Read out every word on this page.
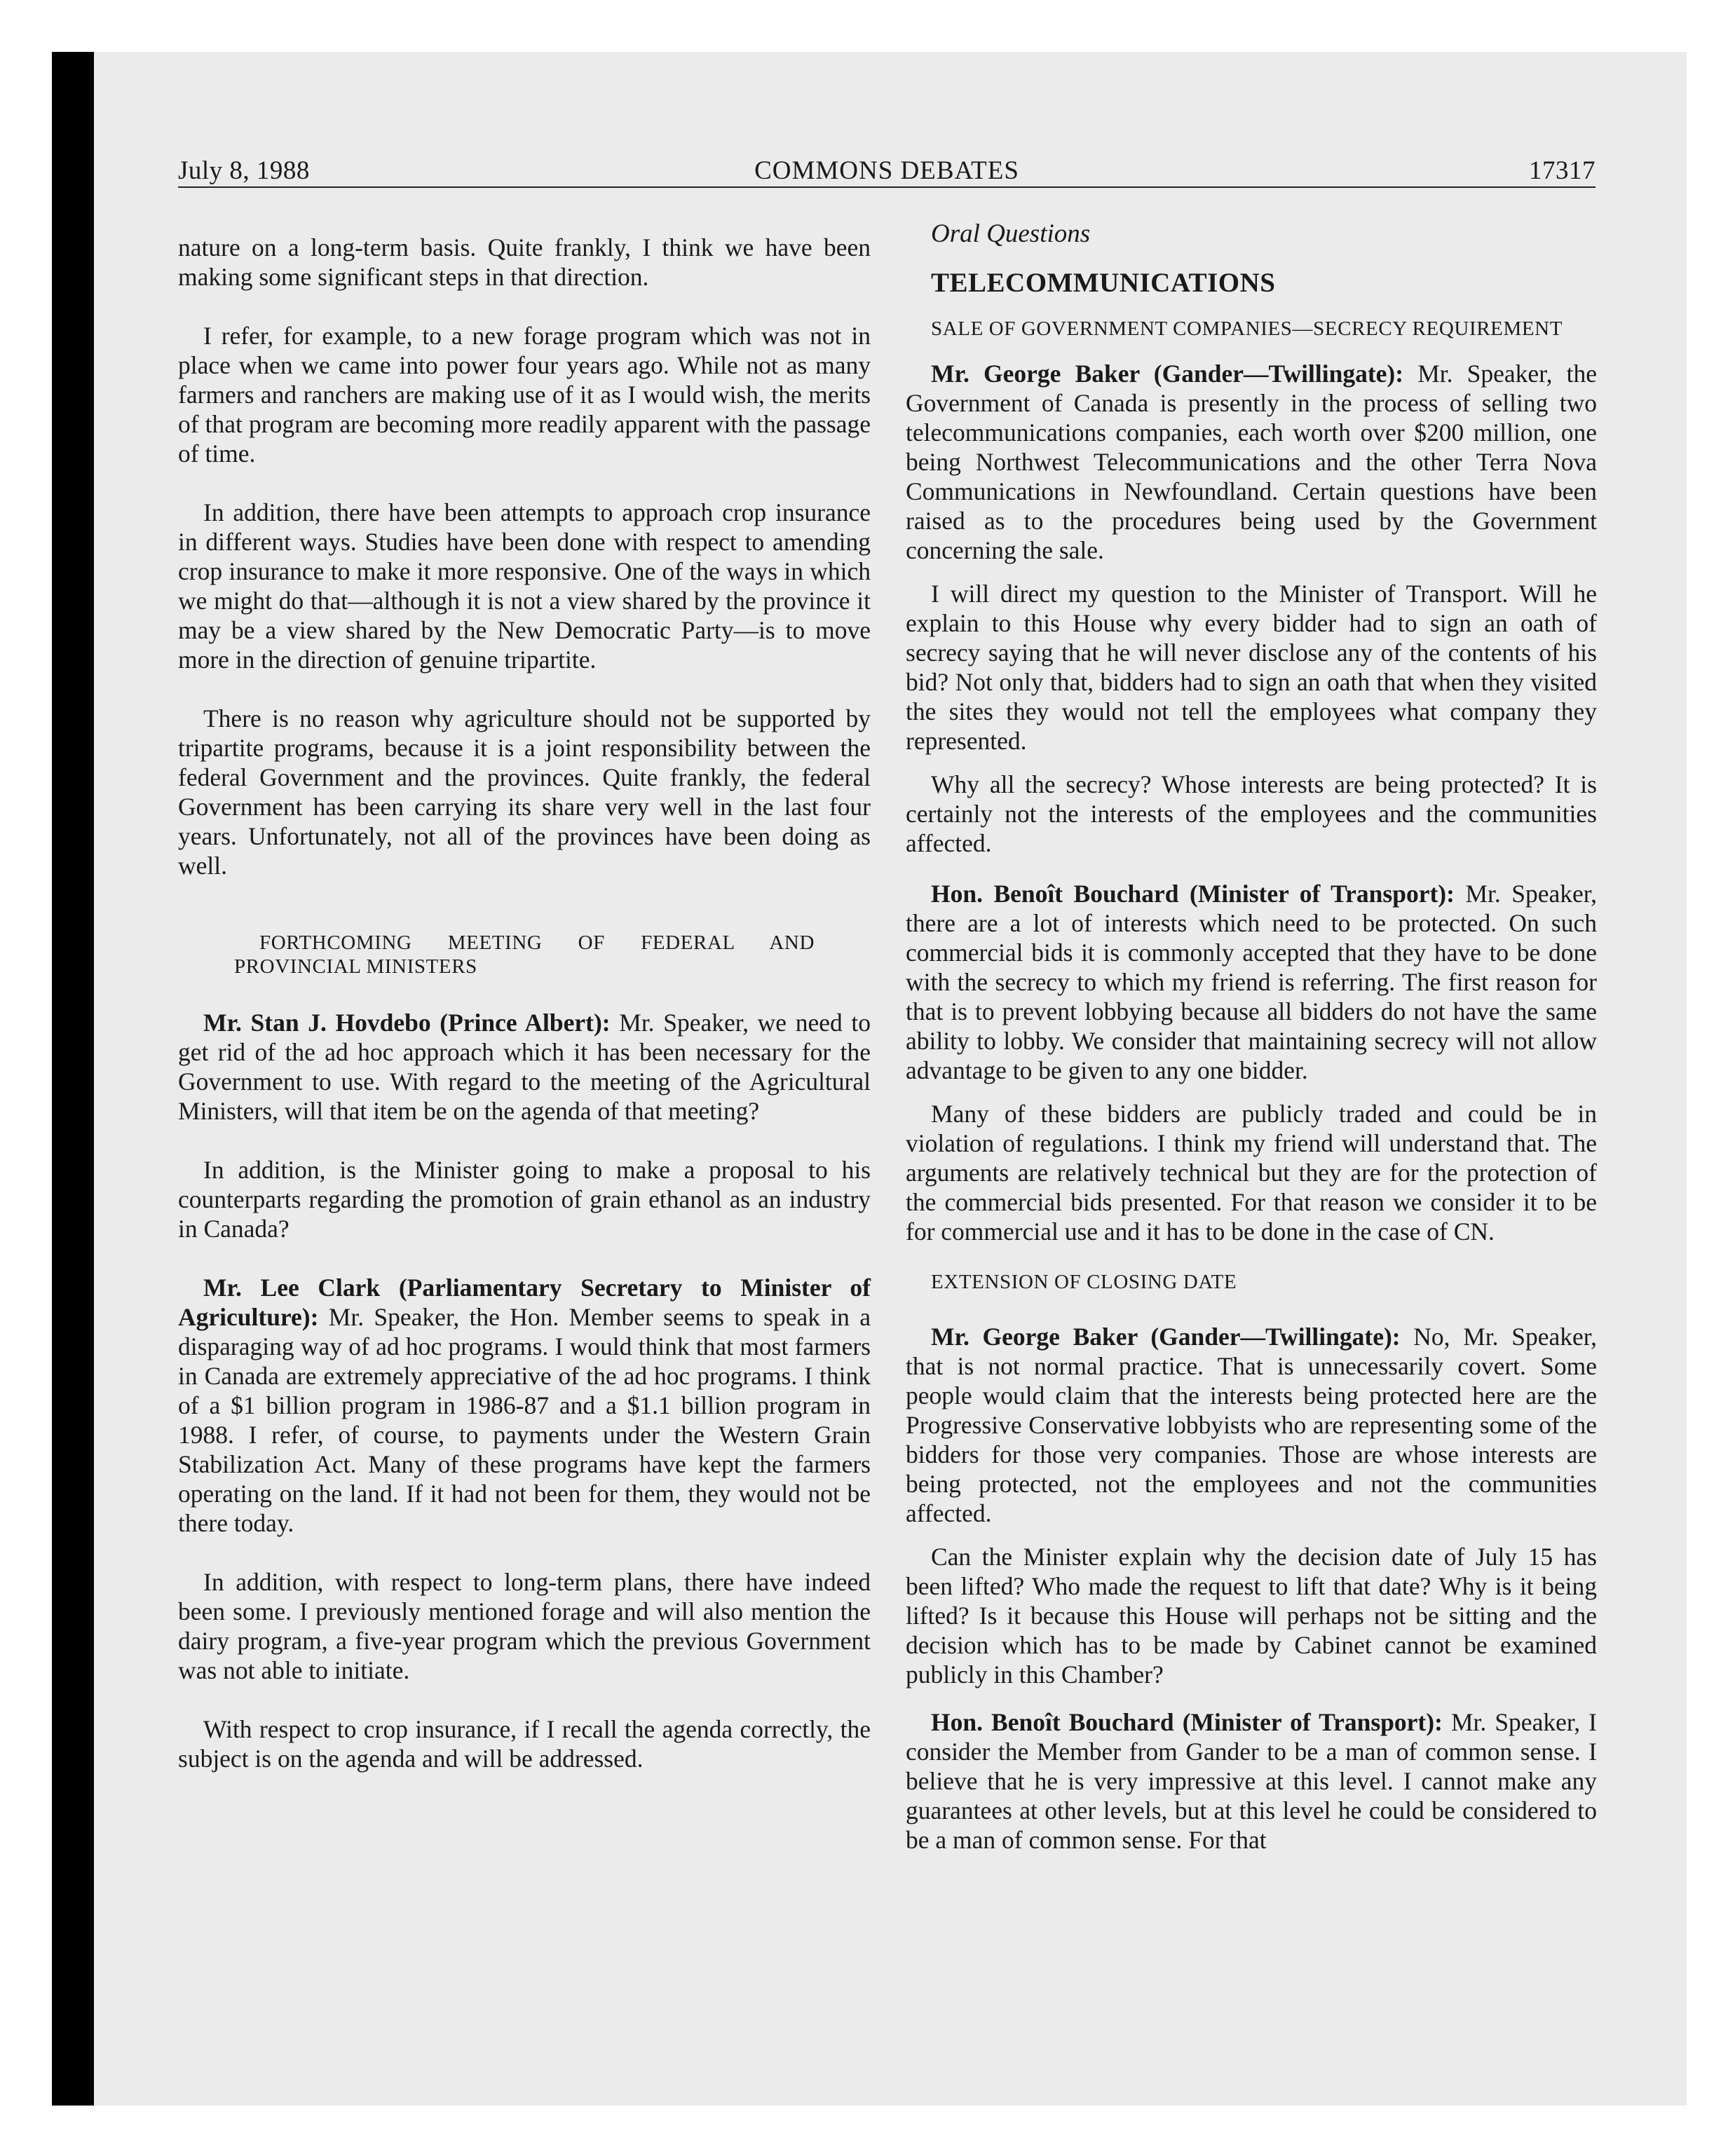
July 8, 1988	COMMONS DEBATES	17317

nature on a long-term basis. Quite frankly, I think we have been making some significant steps in that direction.

I refer, for example, to a new forage program which was not in place when we came into power four years ago. While not as many farmers and ranchers are making use of it as I would wish, the merits of that program are becoming more readily apparent with the passage of time.

In addition, there have been attempts to approach crop insurance in different ways. Studies have been done with respect to amending crop insurance to make it more responsive. One of the ways in which we might do that—although it is not a view shared by the province it may be a view shared by the New Democratic Party—is to move more in the direction of genuine tripartite.

There is no reason why agriculture should not be supported by tripartite programs, because it is a joint responsibility between the federal Government and the provinces. Quite frankly, the federal Government has been carrying its share very well in the last four years. Unfortunately, not all of the provinces have been doing as well.

FORTHCOMING MEETING OF FEDERAL AND PROVINCIAL MINISTERS

Mr. Stan J. Hovdebo (Prince Albert): Mr. Speaker, we need to get rid of the ad hoc approach which it has been necessary for the Government to use. With regard to the meeting of the Agricultural Ministers, will that item be on the agenda of that meeting?

In addition, is the Minister going to make a proposal to his counterparts regarding the promotion of grain ethanol as an industry in Canada?

Mr. Lee Clark (Parliamentary Secretary to Minister of Agriculture): Mr. Speaker, the Hon. Member seems to speak in a disparaging way of ad hoc programs. I would think that most farmers in Canada are extremely appreciative of the ad hoc programs. I think of a $1 billion program in 1986-87 and a $1.1 billion program in 1988. I refer, of course, to payments under the Western Grain Stabilization Act. Many of these programs have kept the farmers operating on the land. If it had not been for them, they would not be there today.

In addition, with respect to long-term plans, there have indeed been some. I previously mentioned forage and will also mention the dairy program, a five-year program which the previous Government was not able to initiate.

With respect to crop insurance, if I recall the agenda correctly, the subject is on the agenda and will be addressed.

Oral Questions

TELECOMMUNICATIONS

SALE OF GOVERNMENT COMPANIES—SECRECY REQUIREMENT

Mr. George Baker (Gander—Twillingate): Mr. Speaker, the Government of Canada is presently in the process of selling two telecommunications companies, each worth over $200 million, one being Northwest Telecommunications and the other Terra Nova Communications in Newfoundland. Certain questions have been raised as to the procedures being used by the Government concerning the sale.

I will direct my question to the Minister of Transport. Will he explain to this House why every bidder had to sign an oath of secrecy saying that he will never disclose any of the contents of his bid? Not only that, bidders had to sign an oath that when they visited the sites they would not tell the employees what company they represented.

Why all the secrecy? Whose interests are being protected? It is certainly not the interests of the employees and the communities affected.

Hon. Benoît Bouchard (Minister of Transport): Mr. Speaker, there are a lot of interests which need to be protected. On such commercial bids it is commonly accepted that they have to be done with the secrecy to which my friend is referring. The first reason for that is to prevent lobbying because all bidders do not have the same ability to lobby. We consider that maintaining secrecy will not allow advantage to be given to any one bidder.

Many of these bidders are publicly traded and could be in violation of regulations. I think my friend will understand that. The arguments are relatively technical but they are for the protection of the commercial bids presented. For that reason we consider it to be for commercial use and it has to be done in the case of CN.

EXTENSION OF CLOSING DATE

Mr. George Baker (Gander—Twillingate): No, Mr. Speaker, that is not normal practice. That is unnecessarily covert. Some people would claim that the interests being protected here are the Progressive Conservative lobbyists who are representing some of the bidders for those very companies. Those are whose interests are being protected, not the employees and not the communities affected.

Can the Minister explain why the decision date of July 15 has been lifted? Who made the request to lift that date? Why is it being lifted? Is it because this House will perhaps not be sitting and the decision which has to be made by Cabinet cannot be examined publicly in this Chamber?

Hon. Benoît Bouchard (Minister of Transport): Mr. Speaker, I consider the Member from Gander to be a man of common sense. I believe that he is very impressive at this level. I cannot make any guarantees at other levels, but at this level he could be considered to be a man of common sense. For that
